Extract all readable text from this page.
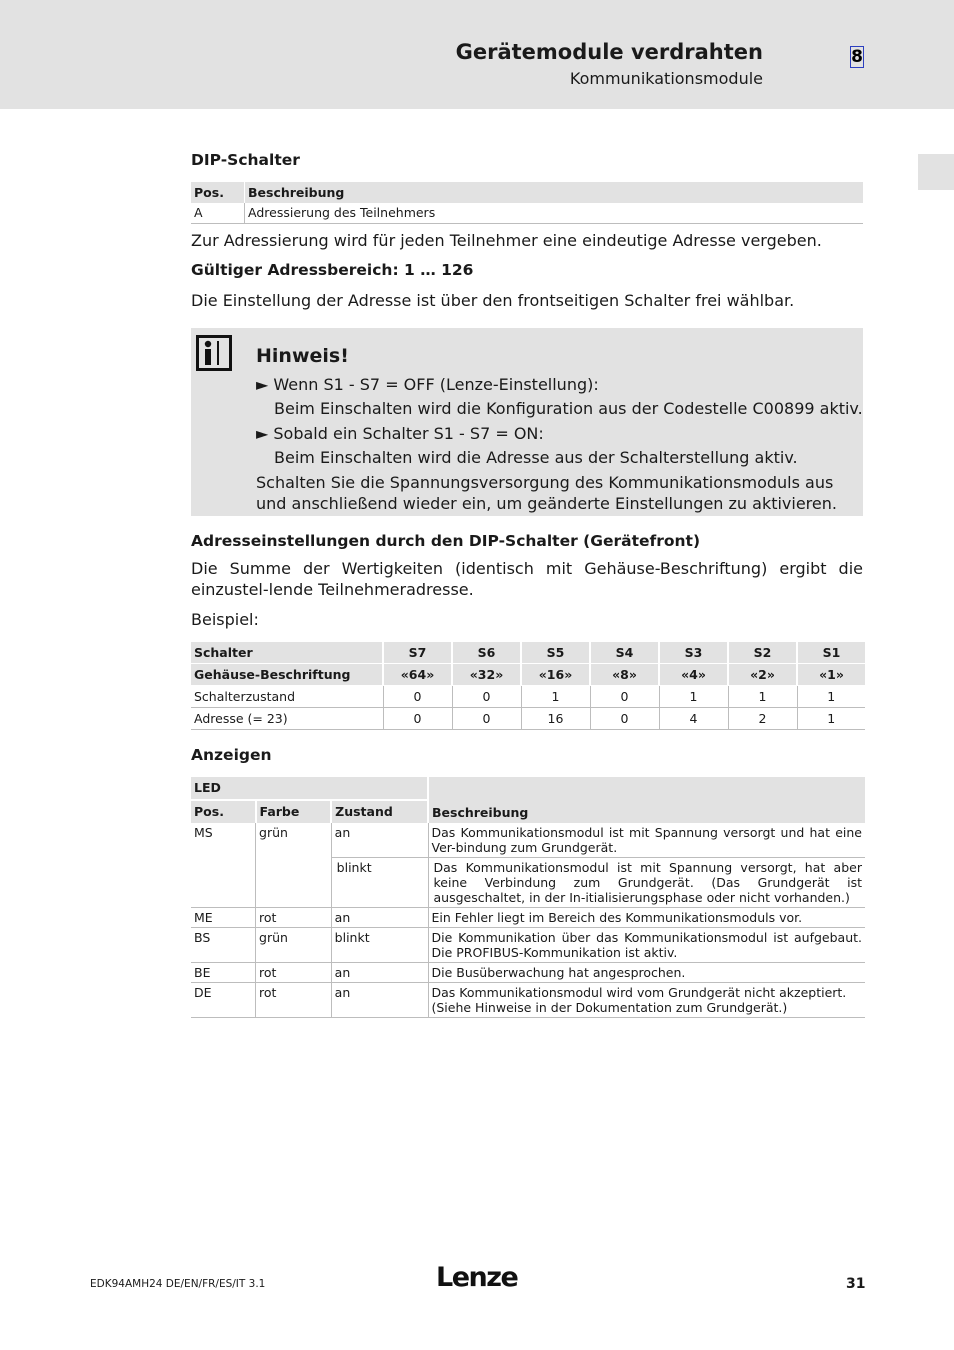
Gerätemodule verdrahten
Kommunikationsmodule
8
DIP-Schalter
Pos.	Beschreibung
A	Adressierung des Teilnehmers
Zur Adressierung wird für jeden Teilnehmer eine eindeutige Adresse vergeben.
Gültiger Adressbereich: 1 … 126
Die Einstellung der Adresse ist über den frontseitigen Schalter frei wählbar.
Hinweis!
► Wenn S1 - S7 = OFF (Lenze-Einstellung):
Beim Einschalten wird die Konfiguration aus der Codestelle C00899 aktiv.
► Sobald ein Schalter S1 - S7 = ON:
Beim Einschalten wird die Adresse aus der Schalterstellung aktiv.
Schalten Sie die Spannungsversorgung des Kommunikationsmoduls aus und anschließend wieder ein, um geänderte Einstellungen zu aktivieren.
Adresseinstellungen durch den DIP-Schalter (Gerätefront)
Die Summe der Wertigkeiten (identisch mit Gehäuse-Beschriftung) ergibt die einzustel-lende Teilnehmeradresse.
Beispiel:
Schalter	S7	S6	S5	S4	S3	S2	S1
Gehäuse-Beschriftung	«64»	«32»	«16»	«8»	«4»	«2»	«1»
Schalterzustand	0	0	1	0	1	1	1
Adresse (= 23)	0	0	16	0	4	2	1
Anzeigen
LED			Beschreibung
Pos.	Farbe	Zustand	
MS	grün	an	Das Kommunikationsmodul ist mit Spannung versorgt und hat eine Ver-bindung zum Grundgerät.
		blinkt	Das Kommunikationsmodul ist mit Spannung versorgt, hat aber keine Verbindung zum Grundgerät. (Das Grundgerät ist ausgeschaltet, in der In-itialisierungsphase oder nicht vorhanden.)
ME	rot	an	Ein Fehler liegt im Bereich des Kommunikationsmoduls vor.
BS	grün	blinkt	Die Kommunikation über das Kommunikationsmodul ist aufgebaut. Die PROFIBUS-Kommunikation ist aktiv.
BE	rot	an	Die Busüberwachung hat angesprochen.
DE	rot	an	Das Kommunikationsmodul wird vom Grundgerät nicht akzeptiert. (Siehe Hinweise in der Dokumentation zum Grundgerät.)
EDK94AMH24 DE/EN/FR/ES/IT 3.1	Lenze	31
